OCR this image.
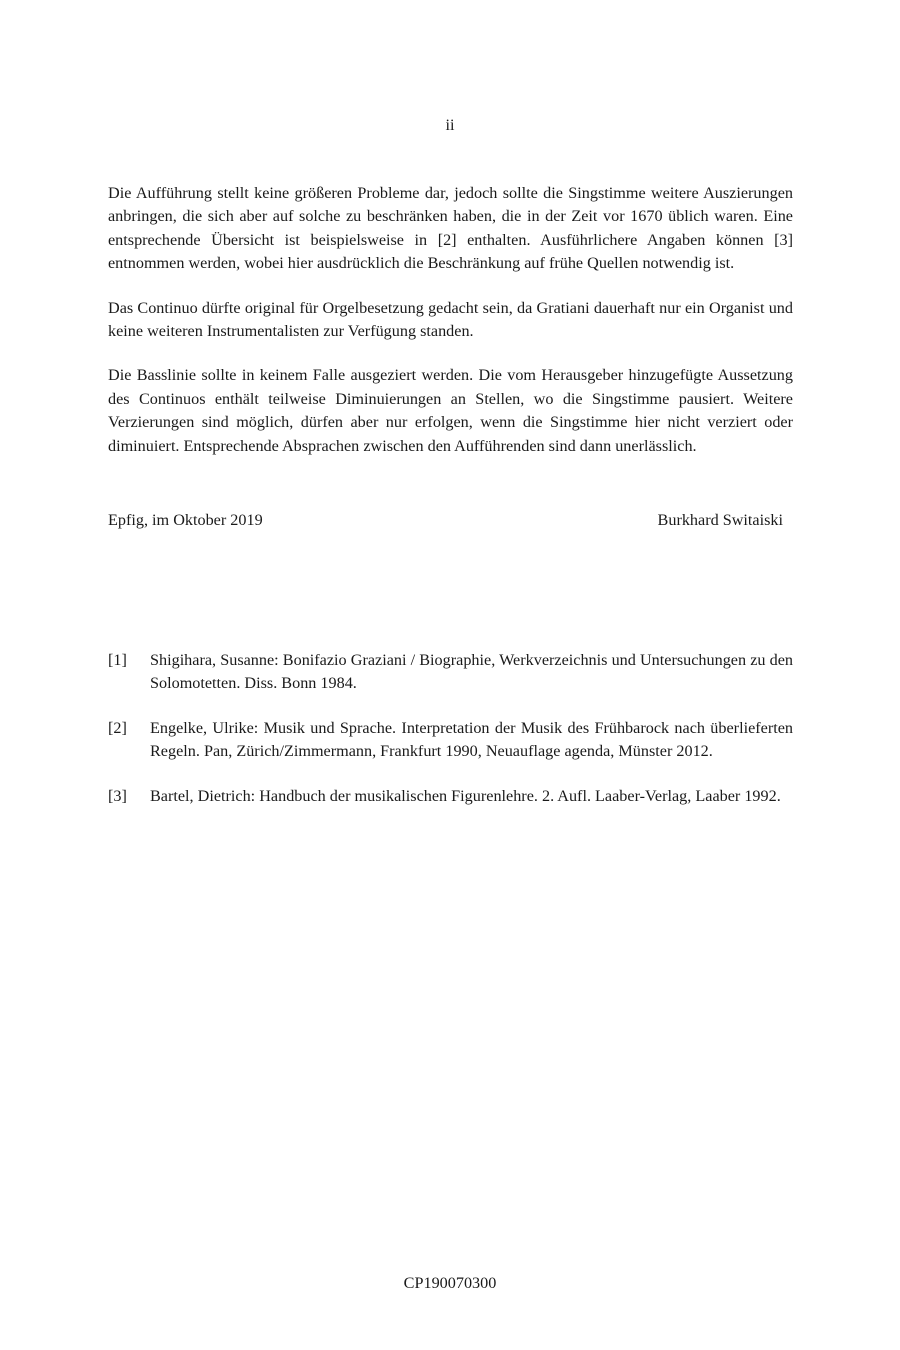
ii

Die Aufführung stellt keine größeren Probleme dar, jedoch sollte die Singstimme weitere Auszierungen anbringen, die sich aber auf solche zu beschränken haben, die in der Zeit vor 1670 üblich waren. Eine entsprechende Übersicht ist beispielsweise in [2] enthalten. Ausführlichere Angaben können [3] entnommen werden, wobei hier ausdrücklich die Beschränkung auf frühe Quellen notwendig ist.

Das Continuo dürfte original für Orgelbesetzung gedacht sein, da Gratiani dauerhaft nur ein Organist und keine weiteren Instrumentalisten zur Verfügung standen.

Die Basslinie sollte in keinem Falle ausgeziert werden. Die vom Herausgeber hinzugefügte Aussetzung des Continuos enthält teilweise Diminuierungen an Stellen, wo die Singstimme pausiert. Weitere Verzierungen sind möglich, dürfen aber nur erfolgen, wenn die Singstimme hier nicht verziert oder diminuiert. Entsprechende Absprachen zwischen den Aufführenden sind dann unerlässlich.

Epfig, im Oktober 2019	Burkhard Switaiski
[1]	Shigihara, Susanne: Bonifazio Graziani / Biographie, Werkverzeichnis und Untersuchungen zu den Solomotetten. Diss. Bonn 1984.
[2]	Engelke, Ulrike: Musik und Sprache. Interpretation der Musik des Frühbarock nach überlieferten Regeln. Pan, Zürich/Zimmermann, Frankfurt 1990, Neuauflage agenda, Münster 2012.
[3]	Bartel, Dietrich: Handbuch der musikalischen Figurenlehre. 2. Aufl. Laaber-Verlag, Laaber 1992.
CP190070300
